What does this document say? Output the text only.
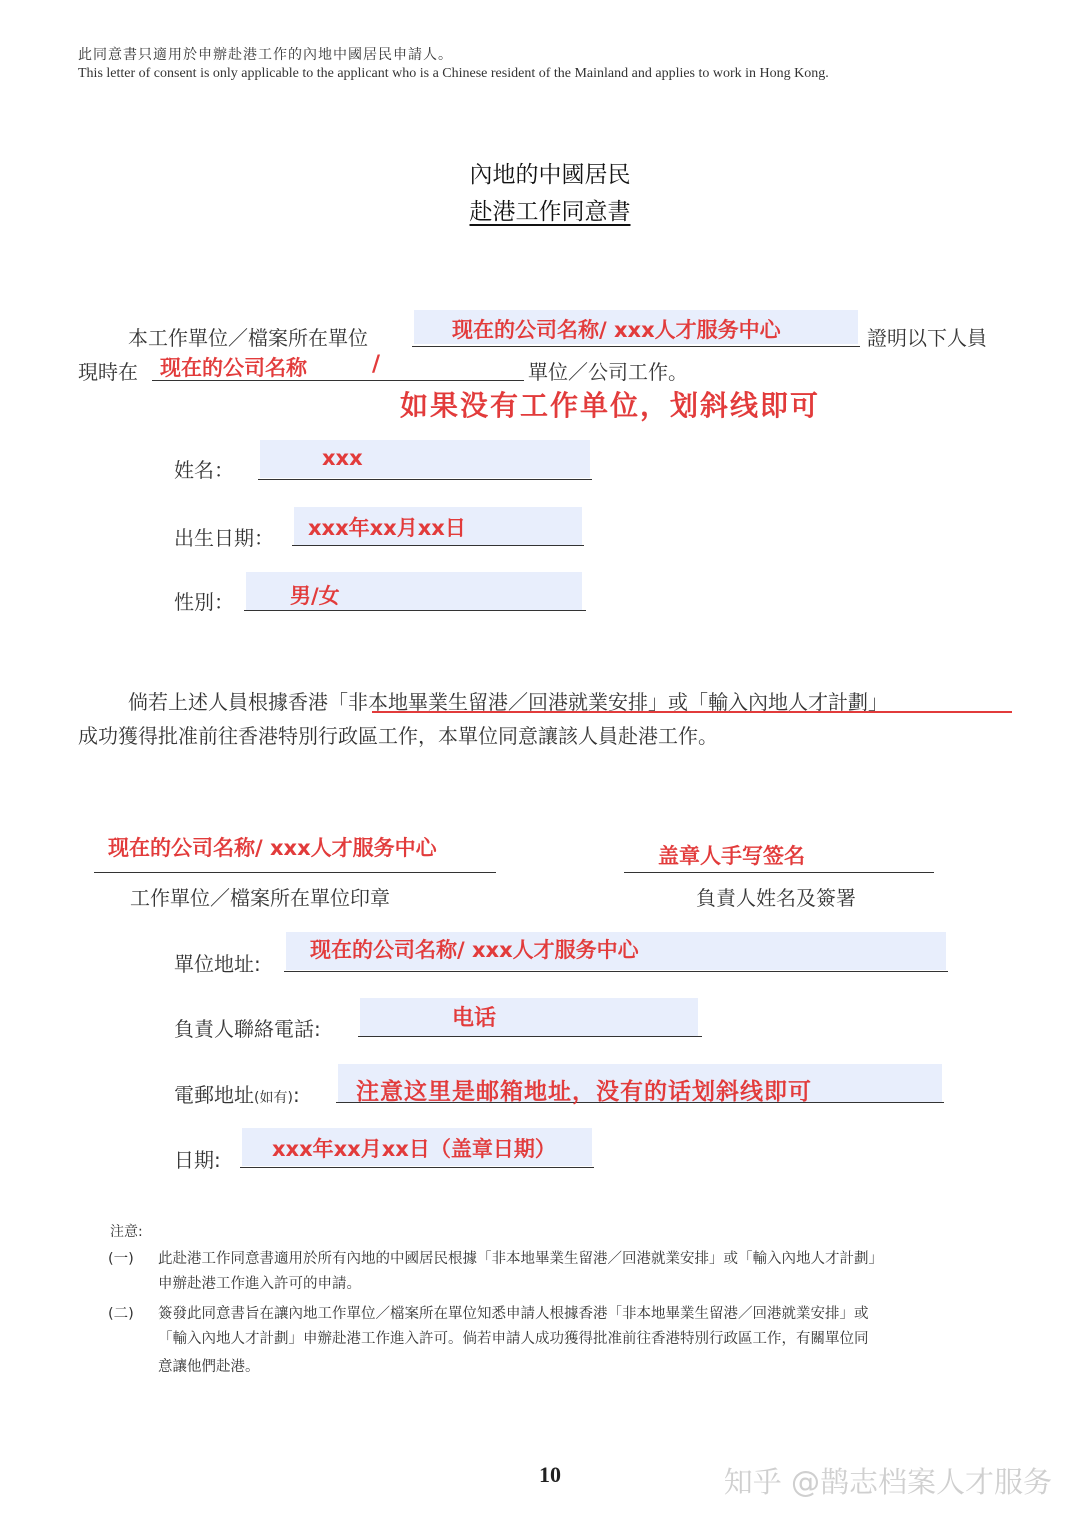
此同意書只適用於申辦赴港工作的內地中國居民申請人。
This letter of consent is only applicable to the applicant who is a Chinese resident of the Mainland and applies to work in Hong Kong.
內地的中國居民
赴港工作同意書
本工作單位／檔案所在單位	现在的公司名称/ xxx人才服务中心	證明以下人員
現時在 现在的公司名称	/	單位／公司工作。
如果没有工作单位，划斜线即可
姓名：	xxx
出生日期： xxx年xx月xx日
性別：	男/女
倘若上述人員根據香港「非本地畢業生留港／回港就業安排」或「輸入內地人才計劃」
成功獲得批准前往香港特別行政區工作，本單位同意讓該人員赴港工作。
现在的公司名称/ xxx人才服务中心
工作單位／檔案所在單位印章
盖章人手写签名
負責人姓名及簽署
單位地址:
现在的公司名称/ xxx人才服务中心
負責人聯絡電話:	电话
電郵地址(如有): 注意这里是邮箱地址，没有的话划斜线即可
日期: xxx年xx月xx日（盖章日期）
注意:
(一) 此赴港工作同意書適用於所有內地的中國居民根據「非本地畢業生留港／回港就業安排」或「輸入內地人才計劃」
申辦赴港工作進入許可的申請。
(二) 簽發此同意書旨在讓內地工作單位／檔案所在單位知悉申請人根據香港「非本地畢業生留港／回港就業安排」或
「輸入內地人才計劃」申辦赴港工作進入許可。倘若申請人成功獲得批准前往香港特別行政區工作，有關單位同
意讓他們赴港。
10	知乎 @鹊志档案人才服务
